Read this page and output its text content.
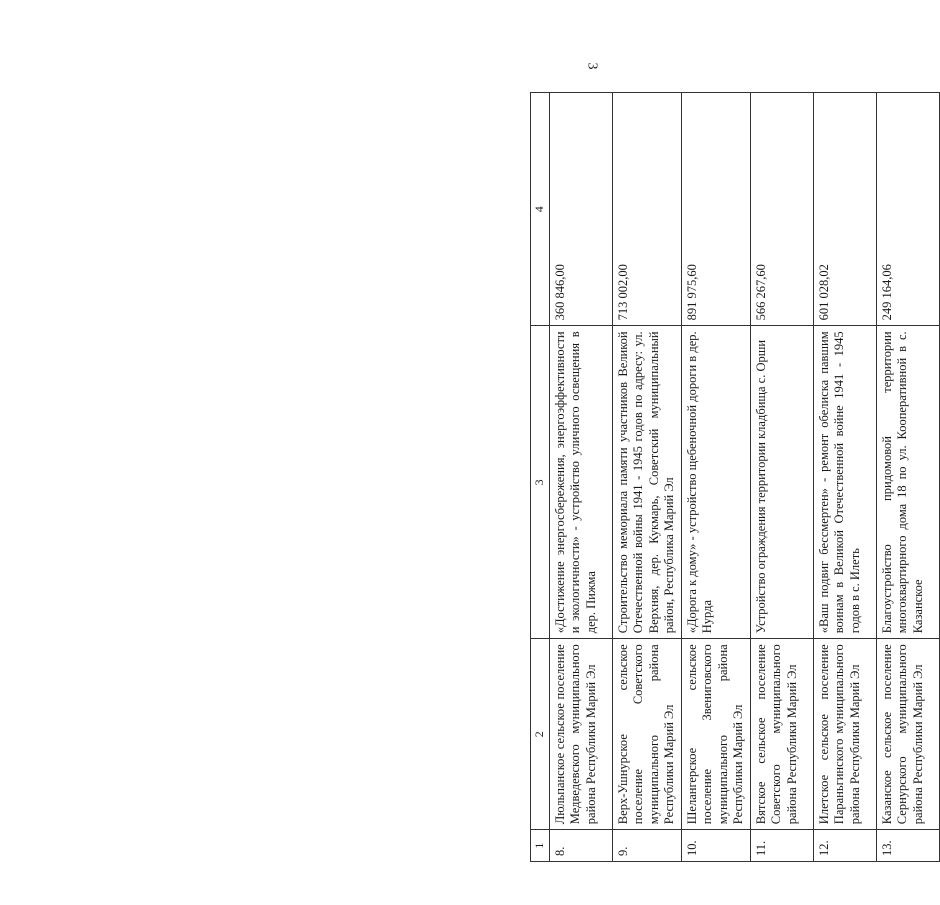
3
1	2	3	4
8.	Люльпанское сельское поселение Медведевского муниципального района Республики Марий Эл	«Достижение энергосбережения, энергоэффективности и экологичности» - устройство уличного освещения в дер. Пижма	360 846,00
9.	Верх-Ушнурское сельское поселение Советского муниципального района Республики Марий Эл	Строительство мемориала памяти участников Великой Отечественной войны 1941 - 1945 годов по адресу: ул. Верхняя, дер. Кукмарь, Советский муниципальный район, Республика Марий Эл	713 002,00
10.	Шелангерское сельское поселение Звениговского муниципального района Республики Марий Эл	«Дорога к дому» - устройство щебеночной дороги в дер. Нурда	891 975,60
11.	Вятское сельское поселение Советского муниципального района Республики Марий Эл	Устройство ограждения территории кладбища с. Орши	566 267,60
12.	Илетское сельское поселение Параньгинского муниципального района Республики Марий Эл	«Ваш подвиг бессмертен» - ремонт обелиска павшим воинам в Великой Отечественной войне 1941 - 1945 годов в с. Илеть	601 028,02
13.	Казанское сельское поселение Сернурского муниципального района Республики Марий Эл	Благоустройство придомовой территории многоквартирного дома 18 по ул. Кооперативной в с. Казанское	249 164,06
